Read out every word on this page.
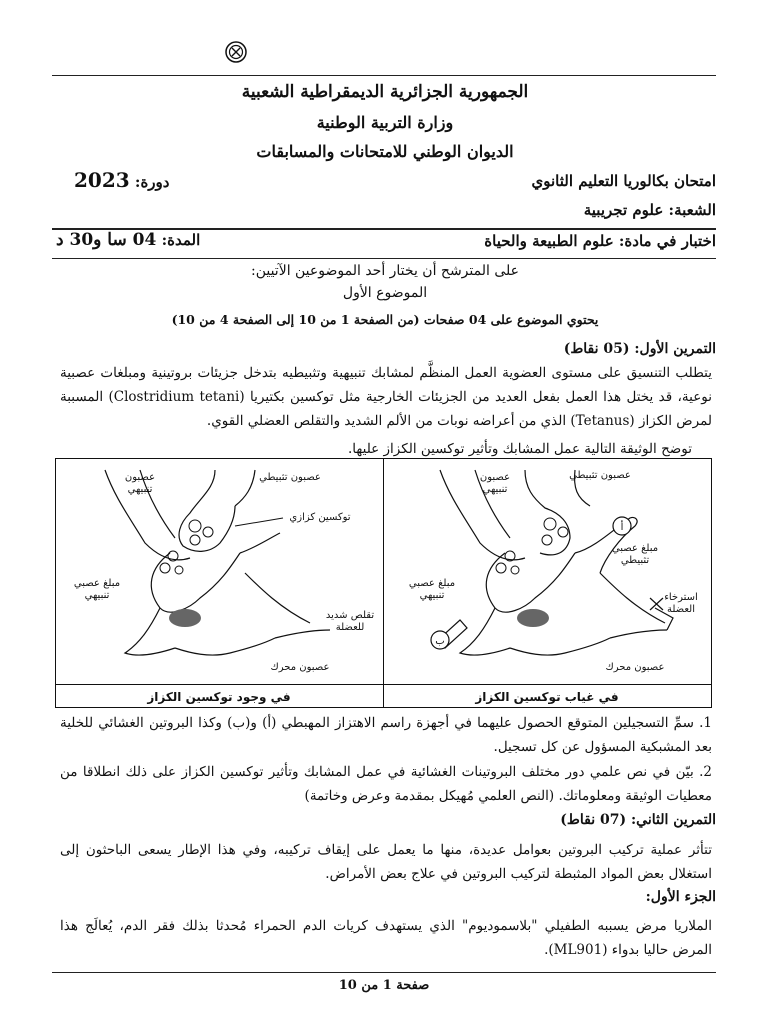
الجمهورية الجزائرية الديمقراطية الشعبية
وزارة التربية الوطنية
الديوان الوطني للامتحانات والمسابقات
امتحان بكالوريا التعليم الثانوي
دورة: 2023
الشعبة: علوم تجريبية
اختبار في مادة: علوم الطبيعة والحياة
المدة: 04 سا و30 د
على المترشح أن يختار أحد الموضوعين الآتيين:
الموضوع الأول
يحتوي الموضوع على 04 صفحات (من الصفحة 1 من 10 إلى الصفحة 4 من 10)
التمرين الأول: (05 نقاط)
يتطلب التنسيق على مستوى العضوية العمل المنظَّم لمشابك تنبيهية وتثبيطيه بتدخل جزيئات بروتينية ومبلغات عصبية نوعية، قد يختل هذا العمل بفعل العديد من الجزيئات الخارجية مثل توكسين بكتيريا (Clostridium tetani) المسببة لمرض الكزاز (Tetanus) الذي من أعراضه نوبات من الألم الشديد والتقلص العضلي القوي.
توضح الوثيقة التالية عمل المشابك وتأثير توكسين الكزاز عليها.
عصبون
تنبيهي
عصبون تثبيطي
مبلغ عصبي
تثبيطي
مبلغ عصبي
تنبيهي	استرخاء
العضلة
عصبون محرك
أ
ب
عصبون
تنبيهي
عصبون تثبيطي
توكسين كزازي
مبلغ عصبي
تنبيهي
تقلص شديد
للعضلة
عصبون محرك
في غياب توكسين الكزاز
في وجود توكسين الكزاز
1. سمِّ التسجيلين المتوقع الحصول عليهما في أجهزة راسم الاهتزاز المهبطي (أ) و(ب) وكذا البروتين الغشائي للخلية بعد المشبكية المسؤول عن كل تسجيل.
2. بيّن في نص علمي دور مختلف البروتينات الغشائية في عمل المشابك وتأثير توكسين الكزاز على ذلك انطلاقا من معطيات الوثيقة ومعلوماتك. (النص العلمي مُهيكل بمقدمة وعرض وخاتمة)
التمرين الثاني: (07 نقاط)
تتأثر عملية تركيب البروتين بعوامل عديدة، منها ما يعمل على إيقاف تركيبه، وفي هذا الإطار يسعى الباحثون إلى استغلال بعض المواد المثبطة لتركيب البروتين في علاج بعض الأمراض.
الجزء الأول:
الملاريا مرض يسببه الطفيلي "بلاسموديوم" الذي يستهدف كريات الدم الحمراء مُحدثا بذلك فقر الدم، يُعالَج هذا المرض حاليا بدواء (ML901).
صفحة 1 من 10
